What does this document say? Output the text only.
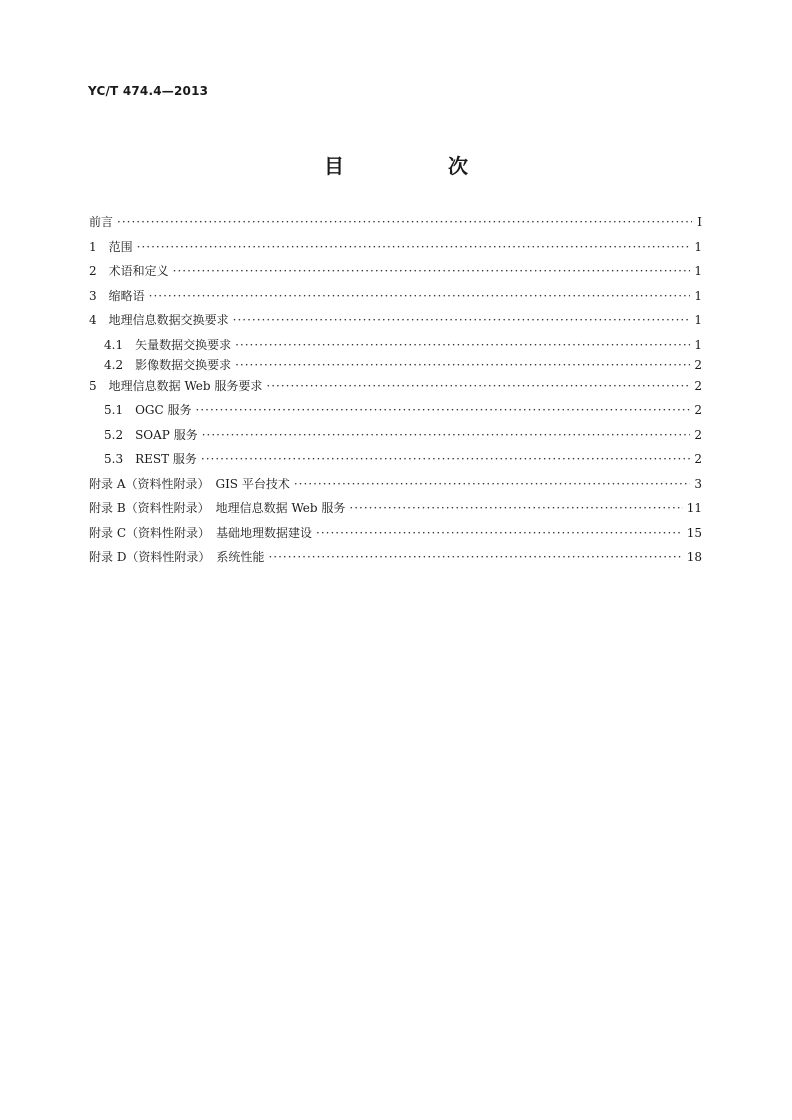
YC/T 474.4—2013
目　次
前言 ·····	Ⅰ
1　范围 ·····	1
2　术语和定义 ·····	1
3　缩略语 ·····	1
4　地理信息数据交换要求 ·····	1
4.1　矢量数据交换要求 ·····	1
4.2　影像数据交换要求 ·····	2
5　地理信息数据 Web 服务要求 ·····	2
5.1　OGC 服务 ·····	2
5.2　SOAP 服务 ·····	2
5.3　REST 服务 ·····	2
附录 A（资料性附录）　GIS 平台技术 ·····	3
附录 B（资料性附录）　地理信息数据 Web 服务 ·····	11
附录 C（资料性附录）　基础地理数据建设 ·····	15
附录 D（资料性附录）　系统性能 ·····	18
